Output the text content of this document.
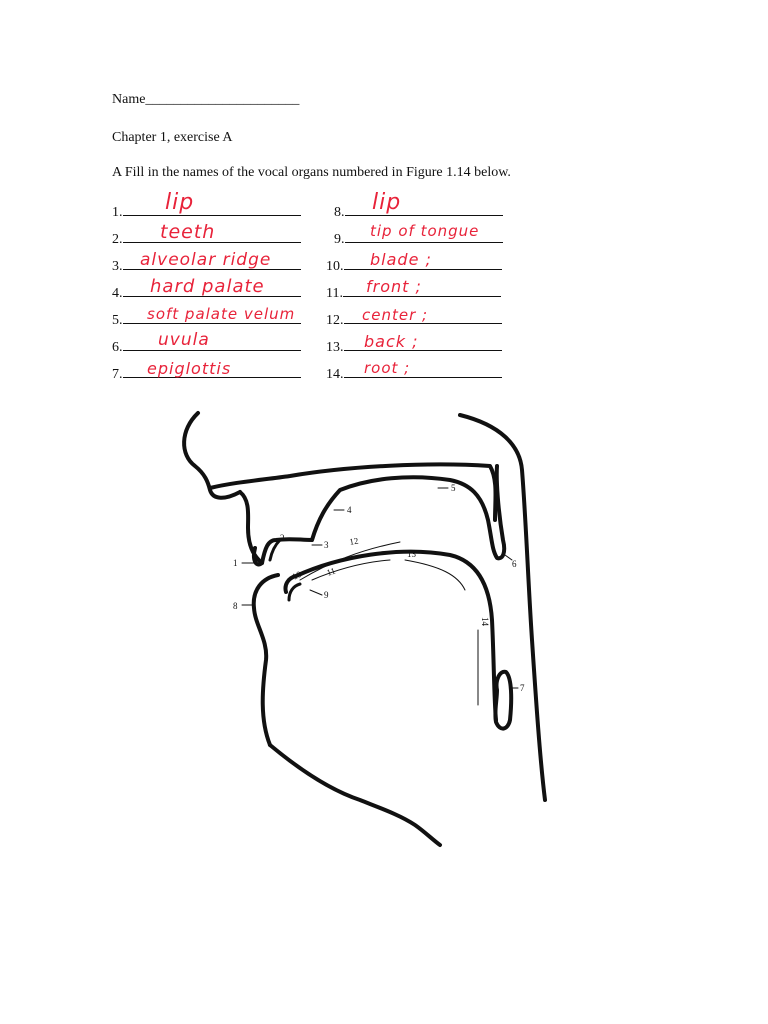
Name______________________
Chapter 1, exercise A
A Fill in the names of the vocal organs numbered in Figure 1.14 below.
1.
2.
3.
4.
5.
6.
7.
8.
9.
10.
11.
12.
13.
14.
lip
teeth
alveolar ridge
hard palate
soft palate velum
uvula
epiglottis
lip
tip of tongue
blade ;
front ;
center ;
back ;
root ;
1
2
3
4
5
6
7
8
9
10 11
12
13
14
